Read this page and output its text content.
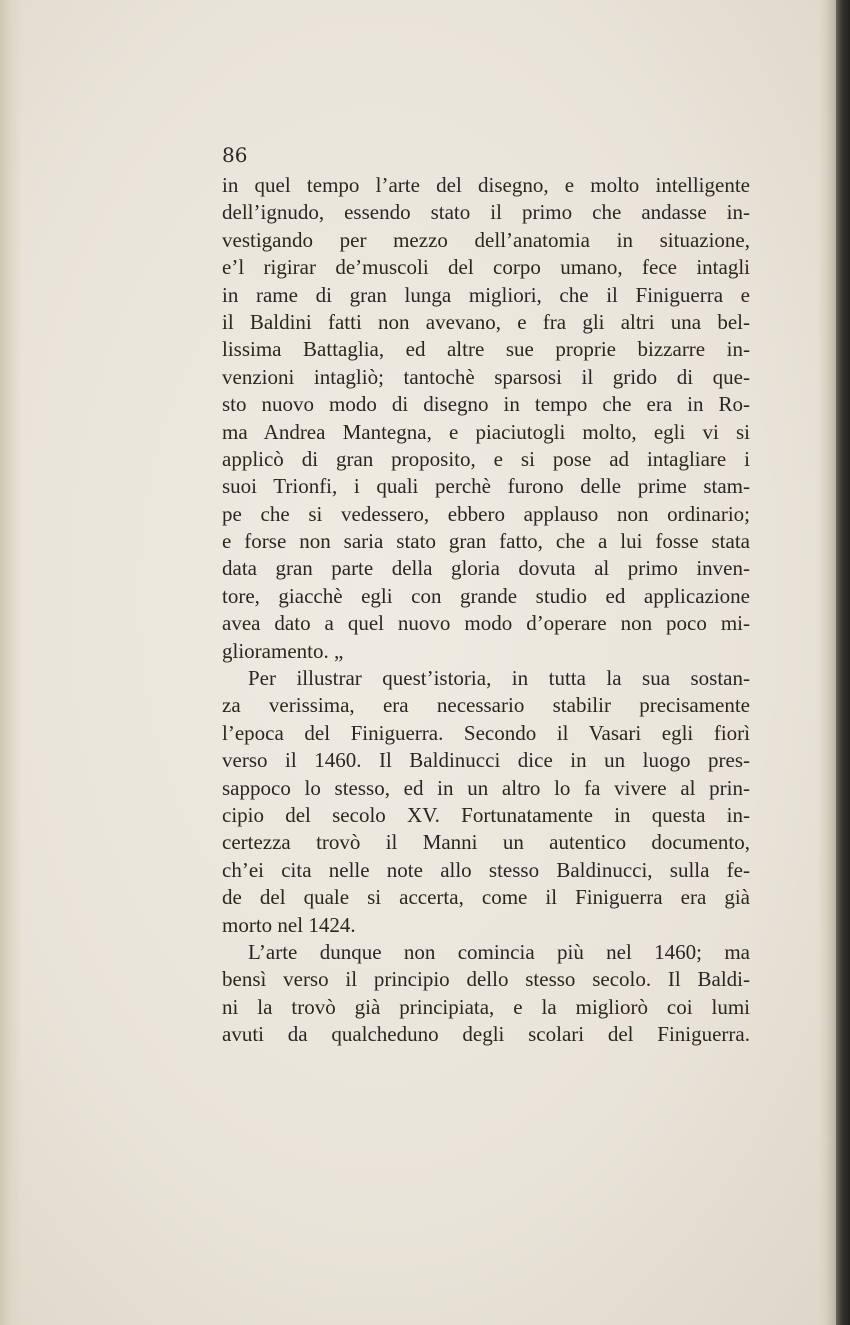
86

in quel tempo l’arte del disegno, e molto intelligente
dell’ignudo, essendo stato il primo che andasse in-
vestigando per mezzo dell’anatomia in situazione,
e’l rigirar de’muscoli del corpo umano, fece intagli
in rame di gran lunga migliori, che il Finiguerra e
il Baldini fatti non avevano, e fra gli altri una bel-
lissima Battaglia, ed altre sue proprie bizzarre in-
venzioni intagliò; tantochè sparsosi il grido di que-
sto nuovo modo di disegno in tempo che era in Ro-
ma Andrea Mantegna, e piaciutogli molto, egli vi si
applicò di gran proposito, e si pose ad intagliare i
suoi Trionfi, i quali perchè furono delle prime stam-
pe che si vedessero, ebbero applauso non ordinario;
e forse non saria stato gran fatto, che a lui fosse stata
data gran parte della gloria dovuta al primo inven-
tore, giacchè egli con grande studio ed applicazione
avea dato a quel nuovo modo d’operare non poco mi-
glioramento. „
Per illustrar quest’istoria, in tutta la sua sostan-
za verissima, era necessario stabilir precisamente
l’epoca del Finiguerra. Secondo il Vasari egli fiorì
verso il 1460. Il Baldinucci dice in un luogo pres-
sappoco lo stesso, ed in un altro lo fa vivere al prin-
cipio del secolo XV. Fortunatamente in questa in-
certezza trovò il Manni un autentico documento,
ch’ei cita nelle note allo stesso Baldinucci, sulla fe-
de del quale si accerta, come il Finiguerra era già
morto nel 1424.
L’arte dunque non comincia più nel 1460; ma
bensì verso il principio dello stesso secolo. Il Baldi-
ni la trovò già principiata, e la migliorò coi lumi
avuti da qualcheduno degli scolari del Finiguerra.
